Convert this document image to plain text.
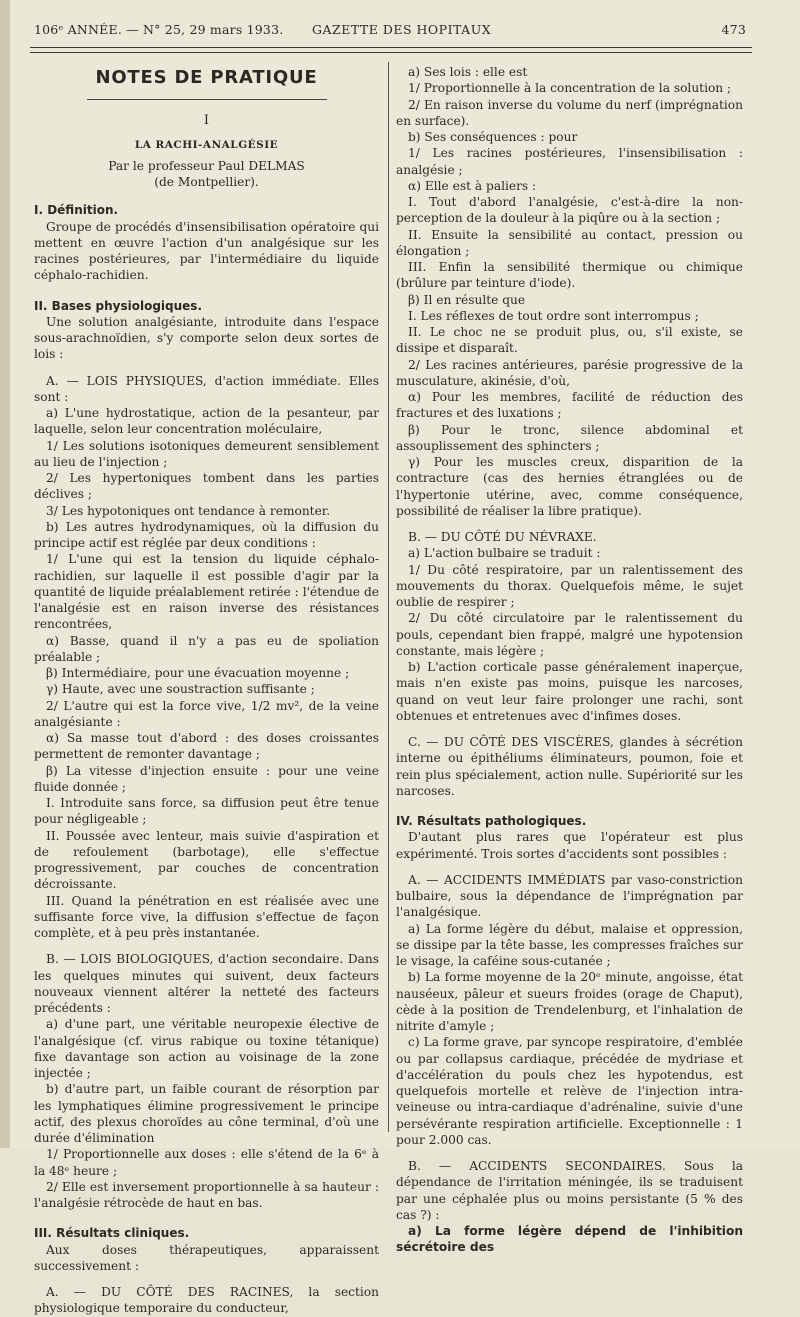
106ᵉ ANNÉE. — N° 25, 29 mars 1933. GAZETTE DES HOPITAUX	473
NOTES DE PRATIQUE
I
LA RACHI-ANALGÉSIE
Par le professeur Paul DELMAS
(de Montpellier).

I. Définition.

Groupe de procédés d'insensibilisation opératoire qui mettent en œuvre l'action d'un analgésique sur les racines postérieures, par l'intermédiaire du liquide céphalo-rachidien.

II. Bases physiologiques.

Une solution analgésiante, introduite dans l'espace sous-arachnoïdien, s'y comporte selon deux sortes de lois :

A. — LOIS PHYSIQUES, d'action immédiate. Elles sont :

a) L'une hydrostatique, action de la pesanteur, par laquelle, selon leur concentration moléculaire,

1/ Les solutions isotoniques demeurent sensiblement au lieu de l'injection ;

2/ Les hypertoniques tombent dans les parties déclives ;

3/ Les hypotoniques ont tendance à remonter.

b) Les autres hydrodynamiques, où la diffusion du principe actif est réglée par deux conditions :

1/ L'une qui est la tension du liquide céphalo-rachidien, sur laquelle il est possible d'agir par la quantité de liquide préalablement retirée : l'étendue de l'analgésie est en raison inverse des résistances rencontrées,

α) Basse, quand il n'y a pas eu de spoliation préalable ;

β) Intermédiaire, pour une évacuation moyenne ;

γ) Haute, avec une soustraction suffisante ;

2/ L'autre qui est la force vive, 1/2 mv², de la veine analgésiante :

α) Sa masse tout d'abord : des doses croissantes permettent de remonter davantage ;

β) La vitesse d'injection ensuite : pour une veine fluide donnée ;

I. Introduite sans force, sa diffusion peut être tenue pour négligeable ;

II. Poussée avec lenteur, mais suivie d'aspiration et de refoulement (barbotage), elle s'effectue progressivement, par couches de concentration décroissante.

III. Quand la pénétration en est réalisée avec une suffisante force vive, la diffusion s'effectue de façon complète, et à peu près instantanée.

B. — LOIS BIOLOGIQUES, d'action secondaire. Dans les quelques minutes qui suivent, deux facteurs nouveaux viennent altérer la netteté des facteurs précédents :

a) d'une part, une véritable neuropexie élective de l'analgésique (cf. virus rabique ou toxine tétanique) fixe davantage son action au voisinage de la zone injectée ;

b) d'autre part, un faible courant de résorption par les lymphatiques élimine progressivement le principe actif, des plexus choroïdes au cône terminal, d'où une durée d'élimination

1/ Proportionnelle aux doses : elle s'étend de la 6ᵉ à la 48ᵉ heure ;

2/ Elle est inversement proportionnelle à sa hauteur : l'analgésie rétrocède de haut en bas.

III. Résultats cliniques.

Aux doses thérapeutiques, apparaissent successivement :

A. — DU CÔTÉ DES RACINES, la section physiologique temporaire du conducteur,

a) Ses lois : elle est

1/ Proportionnelle à la concentration de la solution ;

2/ En raison inverse du volume du nerf (imprégnation en surface).

b) Ses conséquences : pour

1/ Les racines postérieures, l'insensibilisation : analgésie ;

α) Elle est à paliers :

I. Tout d'abord l'analgésie, c'est-à-dire la non-perception de la douleur à la piqûre ou à la section ;

II. Ensuite la sensibilité au contact, pression ou élongation ;

III. Enfin la sensibilité thermique ou chimique (brûlure par teinture d'iode).

β) Il en résulte que

I. Les réflexes de tout ordre sont interrompus ;

II. Le choc ne se produit plus, ou, s'il existe, se dissipe et disparaît.

2/ Les racines antérieures, parésie progressive de la musculature, akinésie, d'où,

α) Pour les membres, facilité de réduction des fractures et des luxations ;

β) Pour le tronc, silence abdominal et assouplissement des sphincters ;

γ) Pour les muscles creux, disparition de la contracture (cas des hernies étranglées ou de l'hypertonie utérine, avec, comme conséquence, possibilité de réaliser la libre pratique).

B. — DU CÔTÉ DU NÉVRAXE.

a) L'action bulbaire se traduit :

1/ Du côté respiratoire, par un ralentissement des mouvements du thorax. Quelquefois même, le sujet oublie de respirer ;

2/ Du côté circulatoire par le ralentissement du pouls, cependant bien frappé, malgré une hypotension constante, mais légère ;

b) L'action corticale passe généralement inaperçue, mais n'en existe pas moins, puisque les narcoses, quand on veut leur faire prolonger une rachi, sont obtenues et entretenues avec d'infimes doses.

C. — DU CÔTÉ DES VISCÈRES, glandes à sécrétion interne ou épithéliums éliminateurs, poumon, foie et rein plus spécialement, action nulle. Supériorité sur les narcoses.

IV. Résultats pathologiques.

D'autant plus rares que l'opérateur est plus expérimenté. Trois sortes d'accidents sont possibles :

A. — ACCIDENTS IMMÉDIATS par vaso-constriction bulbaire, sous la dépendance de l'imprégnation par l'analgésique.

a) La forme légère du début, malaise et oppression, se dissipe par la tête basse, les compresses fraîches sur le visage, la caféine sous-cutanée ;

b) La forme moyenne de la 20ᵉ minute, angoisse, état nauséeux, pâleur et sueurs froides (orage de Chaput), cède à la position de Trendelenburg, et l'inhalation de nitrite d'amyle ;

c) La forme grave, par syncope respiratoire, d'emblée ou par collapsus cardiaque, précédée de mydriase et d'accélération du pouls chez les hypotendus, est quelquefois mortelle et relève de l'injection intra-veineuse ou intra-cardiaque d'adrénaline, suivie d'une persévérante respiration artificielle. Exceptionnelle : 1 pour 2.000 cas.

B. — ACCIDENTS SECONDAIRES. Sous la dépendance de l'irritation méningée, ils se traduisent par une céphalée plus ou moins persistante (5 % des cas ?) :

a) La forme légère dépend de l'inhibition sécrétoire des
